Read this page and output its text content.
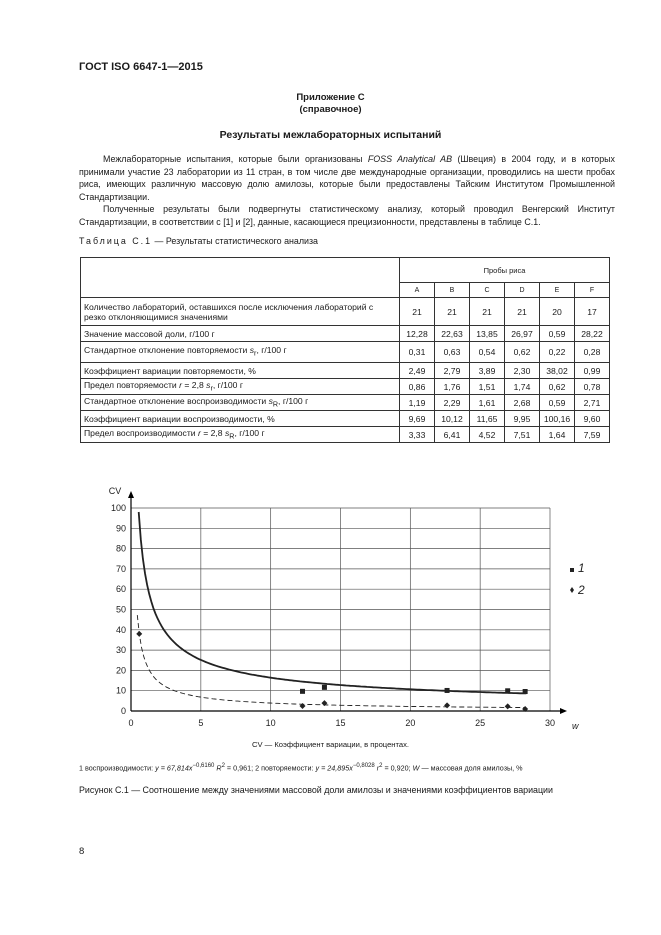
ГОСТ ISO 6647-1—2015
Приложение С
(справочное)
Результаты межлабораторных испытаний

Межлабораторные испытания, которые были организованы FOSS Analytical AB (Швеция) в 2004 году, и в которых принимали участие 23 лаборатории из 11 стран, в том числе две международные организации, проводились на шести пробах риса, имеющих различную массовую долю амилозы, которые были предоставлены Тайским Институтом Промышленной Стандартизации.

Полученные результаты были подвергнуты статистическому анализу, который проводил Венгерский Институт Стандартизации, в соответствии с [1] и [2], данные, касающиеся прецизионности, представлены в таблице С.1.

Таблица С.1 — Результаты статистического анализа
	Пробы риса					
	A	B	C	D	E	F
Количество лабораторий, оставшихся после исключения лабораторий с резко отклоняющимися значениями	21	21	21	21	20	17
Значение массовой доли, г/100 г	12,28	22,63	13,85	26,97	0,59	28,22
Стандартное отклонение повторяемости $s_r$, г/100 г	0,31	0,63	0,54	0,62	0,22	0,28
Коэффициент вариации повторяемости, %	2,49	2,79	3,89	2,30	38,02	0,99
Предел повторяемости r = 2,8 $s_r$, г/100 г	0,86	1,76	1,51	1,74	0,62	0,78
Стандартное отклонение воспроизводимости $s_R$, г/100 г	1,19	2,29	1,61	2,68	0,59	2,71
Коэффициент вариации воспроизводимости, %	9,69	10,12	11,65	9,95	100,16	9,60
Предел воспроизводимости r = 2,8 $s_R$, г/100 г	3,33	6,41	4,52	7,51	1,64	7,59
0
10
20
30
40
50
60
70
80
90
100
0	5	10	15	20	25	30
CV
w
1
2
CV — Коэффициент вариации, в процентах.
1 воспроизводимости: $y = 67,814x^{-0,6160}$ $R^2 = 0,961$; 2 повторяемости: $y = 24,895x^{-0,8028}$ $r^2 = 0,920$; W — массовая доля амилозы, %
Рисунок С.1 — Соотношение между значениями массовой доли амилозы и значениями коэффициентов вариации
8
